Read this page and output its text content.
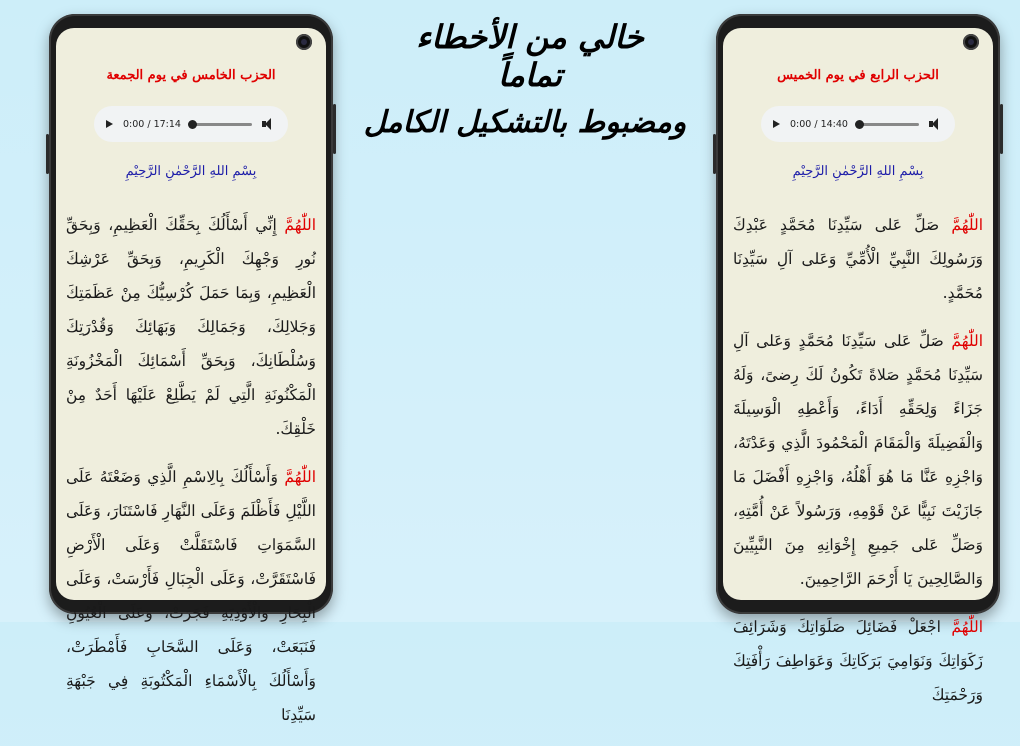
خالي من الأخطاء تماماً
ومضبوط بالتشكيل الكامل
الحزب الخامس في يوم الجمعة
0:00 / 17:14
بِسْمِ اللهِ الرَّحْمٰنِ الرَّحِيْمِ

اللّٰهُمَّ إِنِّي أَسْأَلُكَ بِحَقِّكَ الْعَظِيمِ، وَبِحَقِّ نُورِ وَجْهِكَ الْكَرِيمِ، وَبِحَقِّ عَرْشِكَ الْعَظِيمِ، وَبِمَا حَمَلَ كُرْسِيُّكَ مِنْ عَظَمَتِكَ وَجَلالِكَ، وَجَمَالِكَ وَبَهَائِكَ وَقُدْرَتِكَ وَسُلْطَانِكَ، وَبِحَقِّ أَسْمَائِكَ الْمَخْزُونَةِ الْمَكْنُونَةِ الَّتِي لَمْ يَطَّلِعْ عَلَيْهَا أَحَدٌ مِنْ خَلْقِكَ.

اللّٰهُمَّ وَأَسْأَلُكَ بِالِاسْمِ الَّذِي وَضَعْتَهُ عَلَى اللَّيْلِ فَأَظْلَمَ وَعَلَى النَّهَارِ فَاسْتَنَارَ، وَعَلَى السَّمَوَاتِ فَاسْتَقَلَّتْ وَعَلَى الْأَرْضِ فَاسْتَقَرَّتْ، وَعَلَى الْجِبَالِ فَأَرْسَتْ، وَعَلَى الْبِحَارِ وَالْأَوْدِيَةِ فَجَرَتْ، وَعَلَى الْعُيُونِ فَنَبَعَتْ، وَعَلَى السَّحَابِ فَأَمْطَرَتْ، وَأَسْأَلُكَ بِالْأَسْمَاءِ الْمَكْتُوبَةِ فِي جَبْهَةِ سَيِّدِنَا

الحزب الرابع في يوم الخميس
0:00 / 14:40
بِسْمِ اللهِ الرَّحْمٰنِ الرَّحِيْمِ

اللّٰهُمَّ صَلِّ عَلى سَيِّدِنَا مُحَمَّدٍ عَبْدِكَ وَرَسُولِكَ النَّبِيِّ الْأُمِّيِّ وَعَلى آلِ سَيِّدِنَا مُحَمَّدٍ.

اللّٰهُمَّ صَلِّ عَلى سَيِّدِنَا مُحَمَّدٍ وَعَلى آلِ سَيِّدِنَا مُحَمَّدٍ صَلاةً تَكُونُ لَكَ رِضىً، وَلَهُ جَزَاءً وَلِحَقِّهِ أَدَاءً، وَأَعْطِهِ الْوَسِيلَةَ وَالْفَضِيلَةَ وَالْمَقَامَ الْمَحْمُودَ الَّذِي وَعَدْتَهُ، وَاجْزِهِ عَنَّا مَا هُوَ أَهْلُهُ، وَاجْزِهِ أَفْضَلَ مَا جَازَيْتَ نَبِيًّا عَنْ قَوْمِهِ، وَرَسُولاً عَنْ أُمَّتِهِ، وَصَلِّ عَلى جَمِيعِ إِخْوَانِهِ مِنَ النَّبِيِّينَ وَالصَّالِحِينَ يَا أَرْحَمَ الرَّاحِمِينَ.

اللّٰهُمَّ اجْعَلْ فَضَائِلَ صَلَوَاتِكَ وَشَرَائِفَ زَكَوَاتِكَ وَنَوَامِيَ بَرَكَاتِكَ وَعَوَاطِفَ رَأْفَتِكَ وَرَحْمَتِكَ
